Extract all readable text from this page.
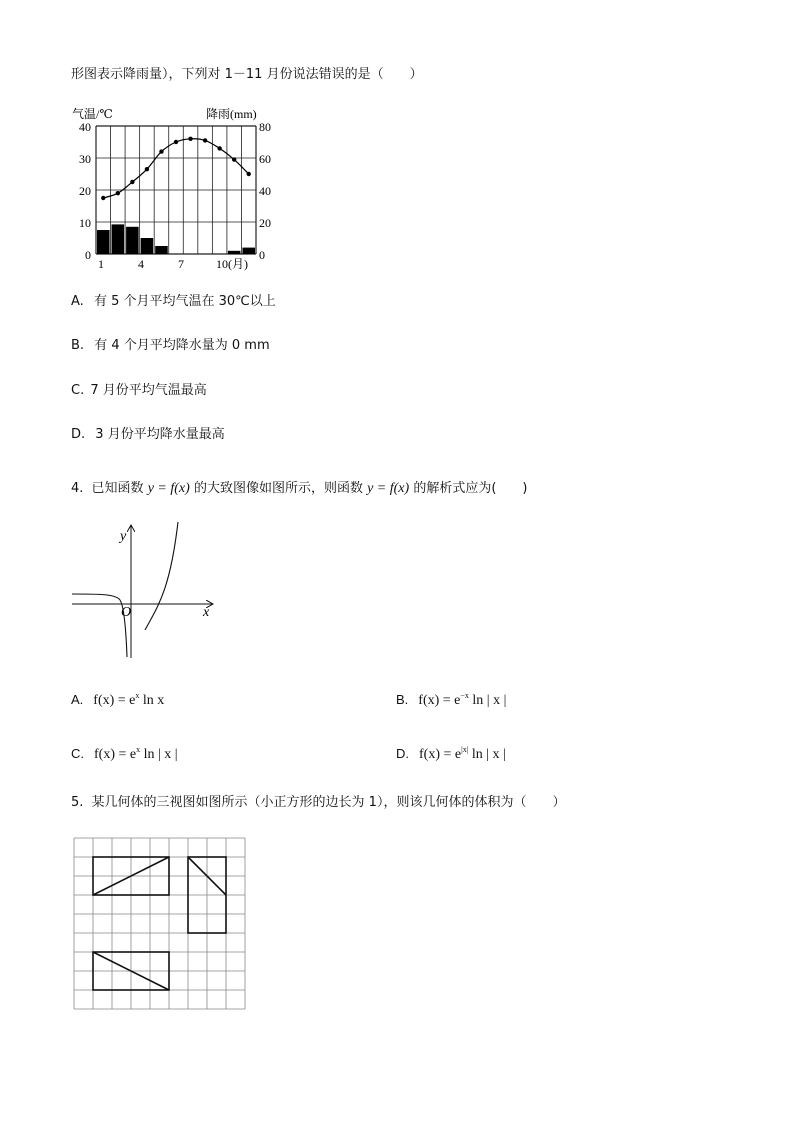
形图表示降雨量），下列对 1－11 月份说法错误的是（　　）
气温/℃	降雨(mm)
0
10
20
30
40
0
20
40
60
80
1	4	7	10(月)
A. 有 5 个月平均气温在 30℃以上
B. 有 4 个月平均降水量为 0 mm
C. 7 月份平均气温最高
D. 3 月份平均降水量最高
4. 已知函数 y = f(x) 的大致图像如图所示，则函数 y = f(x) 的解析式应为(　　)
y
x
O
A. $f(x) = e^x$ ln x	B. $f(x) = e^{-x}$ ln | x |
C. $f(x) = e^x$ ln | x |	D. $f(x) = e^{|x|}$ ln | x |
5. 某几何体的三视图如图所示（小正方形的边长为 1），则该几何体的体积为（　　）
